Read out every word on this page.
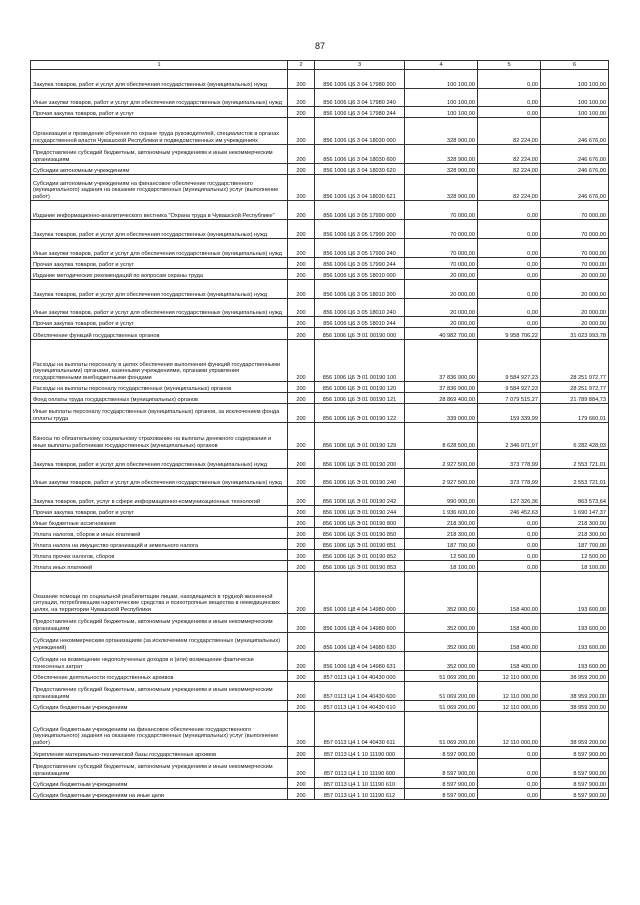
87
1	2	3	4	5	6
Закупка товаров, работ и услуг для обеспечения государственных (муниципальных) нужд	200	856 1006 Ц6 3 04 17980 200	100 100,00	0,00	100 100,00
Иные закупки товаров, работ и услуг для обеспечения государственных (муниципальных) нужд	200	856 1006 Ц6 3 04 17980 240	100 100,00	0,00	100 100,00
Прочая закупка товаров, работ и услуг	200	856 1006 Ц6 3 04 17980 244	100 100,00	0,00	100 100,00
Организация и проведение обучения по охране труда руководителей, специалистов в органах государственной власти Чувашской Республики и подведомственных им учреждениях	200	856 1006 Ц6 3 04 18030 000	328 900,00	82 224,00	246 676,00
Предоставление субсидий бюджетным, автономным учреждениям и иным некоммерческим организациям	200	856 1006 Ц6 3 04 18030 600	328 900,00	82 224,00	246 676,00
Субсидии автономным учреждениям	200	856 1006 Ц6 3 04 18030 620	328 900,00	82 224,00	246 676,00
Субсидии автономным учреждениям на финансовое обеспечение государственного (муниципального) задания на оказание государственных (муниципальных) услуг (выполнение работ)	200	856 1006 Ц6 3 04 18030 621	328 900,00	82 224,00	246 676,00
Издание информационно-аналитического вестника "Охрана труда в Чувашской Республике"	200	856 1006 Ц6 3 05 17990 000	70 000,00	0,00	70 000,00
Закупка товаров, работ и услуг для обеспечения государственных (муниципальных) нужд	200	856 1006 Ц6 3 05 17990 200	70 000,00	0,00	70 000,00
Иные закупки товаров, работ и услуг для обеспечения государственных (муниципальных) нужд	200	856 1006 Ц6 3 05 17990 240	70 000,00	0,00	70 000,00
Прочая закупка товаров, работ и услуг	200	856 1006 Ц6 3 05 17990 244	70 000,00	0,00	70 000,00
Издание методических рекомендаций по вопросам охраны труда	200	856 1006 Ц6 3 05 18010 000	20 000,00	0,00	20 000,00
Закупка товаров, работ и услуг для обеспечения государственных (муниципальных) нужд	200	856 1006 Ц6 3 05 18010 200	20 000,00	0,00	20 000,00
Иные закупки товаров, работ и услуг для обеспечения государственных (муниципальных) нужд	200	856 1006 Ц6 3 05 18010 240	20 000,00	0,00	20 000,00
Прочая закупка товаров, работ и услуг	200	856 1006 Ц6 3 05 18010 244	20 000,00	0,00	20 000,00
Обеспечение функций государственных органов	200	856 1006 Ц6 Э 01 00190 000	40 982 700,00	9 958 706,22	31 023 993,78
Расходы на выплаты персоналу в целях обеспечения выполнения функций государственными (муниципальными) органами, казенными учреждениями, органами управления государственными внебюджетными фондами	200	856 1006 Ц6 Э 01 00190 100	37 836 900,00	9 584 927,23	28 251 972,77
Расходы на выплаты персоналу государственных (муниципальных) органов	200	856 1006 Ц6 Э 01 00190 120	37 836 900,00	9 584 927,23	28 251 972,77
Фонд оплаты труда государственных (муниципальных) органов	200	856 1006 Ц6 Э 01 00190 121	28 869 400,00	7 079 515,27	21 789 884,73
Иные выплаты персоналу государственных (муниципальных) органов, за исключением фонда оплаты труда	200	856 1006 Ц6 Э 01 00190 122	339 000,00	159 339,99	179 660,01
Взносы по обязательному социальному страхованию на выплаты денежного содержания и иные выплаты работникам государственных (муниципальных) органов	200	856 1006 Ц6 Э 01 00190 129	8 628 500,00	2 346 071,97	6 282 428,03
Закупка товаров, работ и услуг для обеспечения государственных (муниципальных) нужд	200	856 1006 Ц6 Э 01 00190 200	2 927 500,00	373 778,99	2 553 721,01
Иные закупки товаров, работ и услуг для обеспечения государственных (муниципальных) нужд	200	856 1006 Ц6 Э 01 00190 240	2 927 500,00	373 778,99	2 553 721,01
Закупка товаров, работ, услуг в сфере информационно-коммуникационных технологий	200	856 1006 Ц6 Э 01 00190 242	990 900,00	127 326,36	863 573,64
Прочая закупка товаров, работ и услуг	200	856 1006 Ц6 Э 01 00190 244	1 936 600,00	246 452,63	1 690 147,37
Иные бюджетные ассигнования	200	856 1006 Ц6 Э 01 00190 800	218 300,00	0,00	218 300,00
Уплата налогов, сборов и иных платежей	200	856 1006 Ц6 Э 01 00190 850	218 300,00	0,00	218 300,00
Уплата налога на имущество организаций и земельного налога	200	856 1006 Ц6 Э 01 00190 851	187 700,00	0,00	187 700,00
Уплата прочих налогов, сборов	200	856 1006 Ц6 Э 01 00190 852	12 500,00	0,00	12 500,00
Уплата иных платежей	200	856 1006 Ц6 Э 01 00190 853	18 100,00	0,00	18 100,00
Оказание помощи по социальной реабилитации лицам, находящимся в трудной жизненной ситуации, потребляющим наркотические средства и психотропные вещества в немедицинских целях, на территории Чувашской Республики	200	856 1006 Ц8 4 04 14980 000	352 000,00	158 400,00	193 600,00
Предоставление субсидий бюджетным, автономным учреждениям и иным некоммерческим организациям	200	856 1006 Ц8 4 04 14980 600	352 000,00	158 400,00	193 600,00
Субсидии некоммерческим организациям (за исключением государственных (муниципальных) учреждений)	200	856 1006 Ц8 4 04 14980 630	352 000,00	158 400,00	193 600,00
Субсидии на возмещение недополученных доходов и (или) возмещение фактически понесенных затрат	200	856 1006 Ц8 4 04 14980 631	352 000,00	158 400,00	193 600,00
Обеспечение деятельности государственных архивов	200	857 0113 Ц4 1 04 40430 000	51 069 200,00	12 110 000,00	38 959 200,00
Предоставление субсидий бюджетным, автономным учреждениям и иным некоммерческим организациям	200	857 0113 Ц4 1 04 40430 600	51 069 200,00	12 110 000,00	38 959 200,00
Субсидии бюджетным учреждениям	200	857 0113 Ц4 1 04 40430 610	51 069 200,00	12 110 000,00	38 959 200,00
Субсидии бюджетным учреждениям на финансовое обеспечение государственного (муниципального) задания на оказание государственных (муниципальных) услуг (выполнение работ)	200	857 0113 Ц4 1 04 40430 611	51 069 200,00	12 110 000,00	38 959 200,00
Укрепление материально-технической базы государственных архивов	200	857 0113 Ц4 1 10 11190 000	8 597 900,00	0,00	8 597 900,00
Предоставление субсидий бюджетным, автономным учреждениям и иным некоммерческим организациям	200	857 0113 Ц4 1 10 11190 600	8 597 900,00	0,00	8 597 900,00
Субсидии бюджетным учреждениям	200	857 0113 Ц4 1 10 11190 610	8 597 900,00	0,00	8 597 900,00
Субсидии бюджетным учреждениям на иные цели	200	857 0113 Ц4 1 10 11190 612	8 597 900,00	0,00	8 597 900,00
